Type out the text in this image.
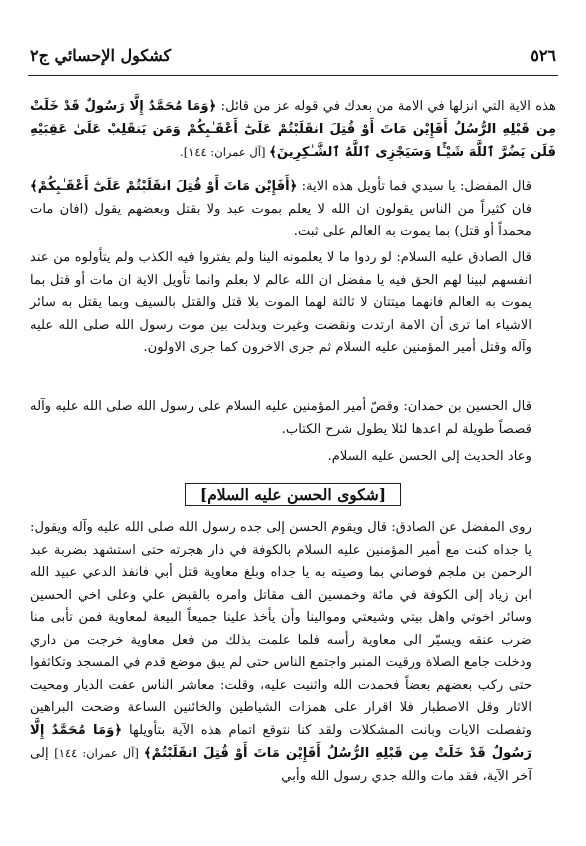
٥٢٦
كشكول الإحسائي ج٢

هذه الاية التي انزلها في الامة من بعدك في قوله عز من قائل: ﴿وَمَا مُحَمَّدٌ إِلَّا رَسُولٌ قَدْ خَلَتْ مِن قَبْلِهِ الرُّسُلُ أَفَإِيْن مَاتَ أَوْ قُتِلَ انقَلَبْتُمْ عَلَىٰٓ أَعْقَـٰبِكُمْ وَمَن يَنقَلِبْ عَلَىٰ عَقِبَيْهِ فَلَن يَضُرَّ ٱللَّهَ شَيْـًٔا وَسَيَجْزِى ٱللَّهُ ٱلشَّـٰكِرِينَ﴾ [آل عمران: ١٤٤].

قال المفضل: يا سيدي فما تأويل هذه الاية: ﴿أَفَإِيْن مَاتَ أَوْ قُتِلَ انقَلَبْتُمْ عَلَىٰٓ أَعْقَـٰبِكُمْ﴾ فان كثيراً من الناس يقولون ان الله لا يعلم بموت عبد ولا بقتل وبعضهم يقول (افان مات محمداً أو قتل) بما يموت به العالم على ثبت.

قال الصادق عليه السلام: لو ردوا ما لا يعلمونه الينا ولم يفتروا فيه الكذب ولم يتأولوه من عند انفسهم لبينا لهم الحق فيه يا مفضل ان الله عالم لا بعلم وانما تأويل الاية ان مات أو قتل بما يموت به العالم فانهما ميتتان لا ثالثة لهما الموت بلا قتل والقتل بالسيف وبما يقتل به سائر الاشياء اما ترى أن الامة ارتدت ونقضت وغيرت وبدلت بين موت رسول الله صلى الله عليه وآله وقتل أمير المؤمنين عليه السلام ثم جرى الاخرون كما جرى الاولون.

قال الحسين بن حمدان: وقصّ أمير المؤمنين عليه السلام على رسول الله صلى الله عليه وآله قصصاً طويلة لم اعدها لئلا يطول شرح الكتاب.

وعاد الحديث إلى الحسن عليه السلام.

[شكوى الحسن عليه السلام]

روى المفضل عن الصادق: قال ويقوم الحسن إلى جده رسول الله صلى الله عليه وآله ويقول: يا جداه كنت مع أمير المؤمنين عليه السلام بالكوفة في دار هجرته حتى استشهد بضربة عبد الرحمن بن ملجم فوصاني بما وصيته به يا جداه وبلغ معاوية قتل أبي فانفذ الدعي عبيد الله ابن زياد إلى الكوفة في مائة وخمسين الف مقاتل وامره بالقبض علي وعلى اخي الحسين وسائر اخوتي واهل بيتي وشيعتي وموالينا وأن يأخذ علينا جميعاً البيعة لمعاوية فمن تأبى منا ضرب عنقه ويسيّر الى معاوية رأسه فلما علمت بذلك من فعل معاوية خرجت من داري ودخلت جامع الصلاة ورقيت المنبر واجتمع الناس حتى لم يبق موضع قدم في المسجد وتكاثفوا حتى ركب بعضهم بعضاً فحمدت الله واثنيت عليه، وقلت: معاشر الناس عفت الديار ومحيت الاثار وقل الاصطبار فلا اقرار على همزات الشياطين والخائنين الساعة وضحت البراهين وتفصلت الايات وبانت المشكلات ولقد كنا نتوقع اتمام هذه الآية بتأويلها ﴿وَمَا مُحَمَّدٌ إِلَّا رَسُولٌ قَدْ خَلَتْ مِن قَبْلِهِ الرُّسُلُ أَفَإِيْن مَاتَ أَوْ قُتِلَ انقَلَبْتُمْ﴾ [آل عمران: ١٤٤] إلى آخر الآية، فقد مات والله جدي رسول الله وأبي
